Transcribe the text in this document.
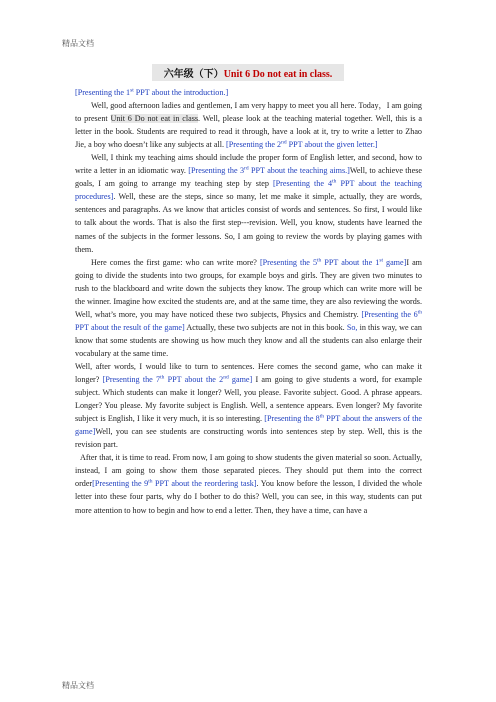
精品文档
六年级（下）Unit 6 Do not eat in class.

[Presenting the 1st PPT about the introduction.]

Well, good afternoon ladies and gentlemen, I am very happy to meet you all here. Today，I am going to present Unit 6 Do not eat in class. Well, please look at the teaching material together. Well, this is a letter in the book. Students are required to read it through, have a look at it, try to write a letter to Zhao Jie, a boy who doesn’t like any subjects at all. [Presenting the 2nd PPT about the given letter.]

Well, I think my teaching aims should include the proper form of English letter, and second, how to write a letter in an idiomatic way. [Presenting the 3rd PPT about the teaching aims.]Well, to achieve these goals, I am going to arrange my teaching step by step [Presenting the 4th PPT about the teaching procedures]. Well, these are the steps, since so many, let me make it simple, actually, they are words, sentences and paragraphs. As we know that articles consist of words and sentences. So first, I would like to talk about the words. That is also the first step---revision. Well, you know, students have learned the names of the subjects in the former lessons. So, I am going to review the words by playing games with them.

Here comes the first game: who can write more? [Presenting the 5th PPT about the 1st game]I am going to divide the students into two groups, for example boys and girls. They are given two minutes to rush to the blackboard and write down the subjects they know. The group which can write more will be the winner. Imagine how excited the students are, and at the same time, they are also reviewing the words. Well, what’s more, you may have noticed these two subjects, Physics and Chemistry. [Presenting the 6th PPT about the result of the game] Actually, these two subjects are not in this book. So, in this way, we can know that some students are showing us how much they know and all the students can also enlarge their vocabulary at the same time.

Well, after words, I would like to turn to sentences. Here comes the second game, who can make it longer? [Presenting the 7th PPT about the 2nd game] I am going to give students a word, for example subject. Which students can make it longer? Well, you please. Favorite subject. Good. A phrase appears. Longer? You please. My favorite subject is English. Well, a sentence appears. Even longer? My favorite subject is English, I like it very much, it is so interesting. [Presenting the 8th PPT about the answers of the game]Well, you can see students are constructing words into sentences step by step. Well, this is the revision part.

After that, it is time to read. From now, I am going to show students the given material so soon. Actually, instead, I am going to show them those separated pieces. They should put them into the correct order[Presenting the 9th PPT about the reordering task]. You know before the lesson, I divided the whole letter into these four parts, why do I bother to do this? Well, you can see, in this way, students can put more attention to how to begin and how to end a letter. Then, they have a time, can have a

精品文档
